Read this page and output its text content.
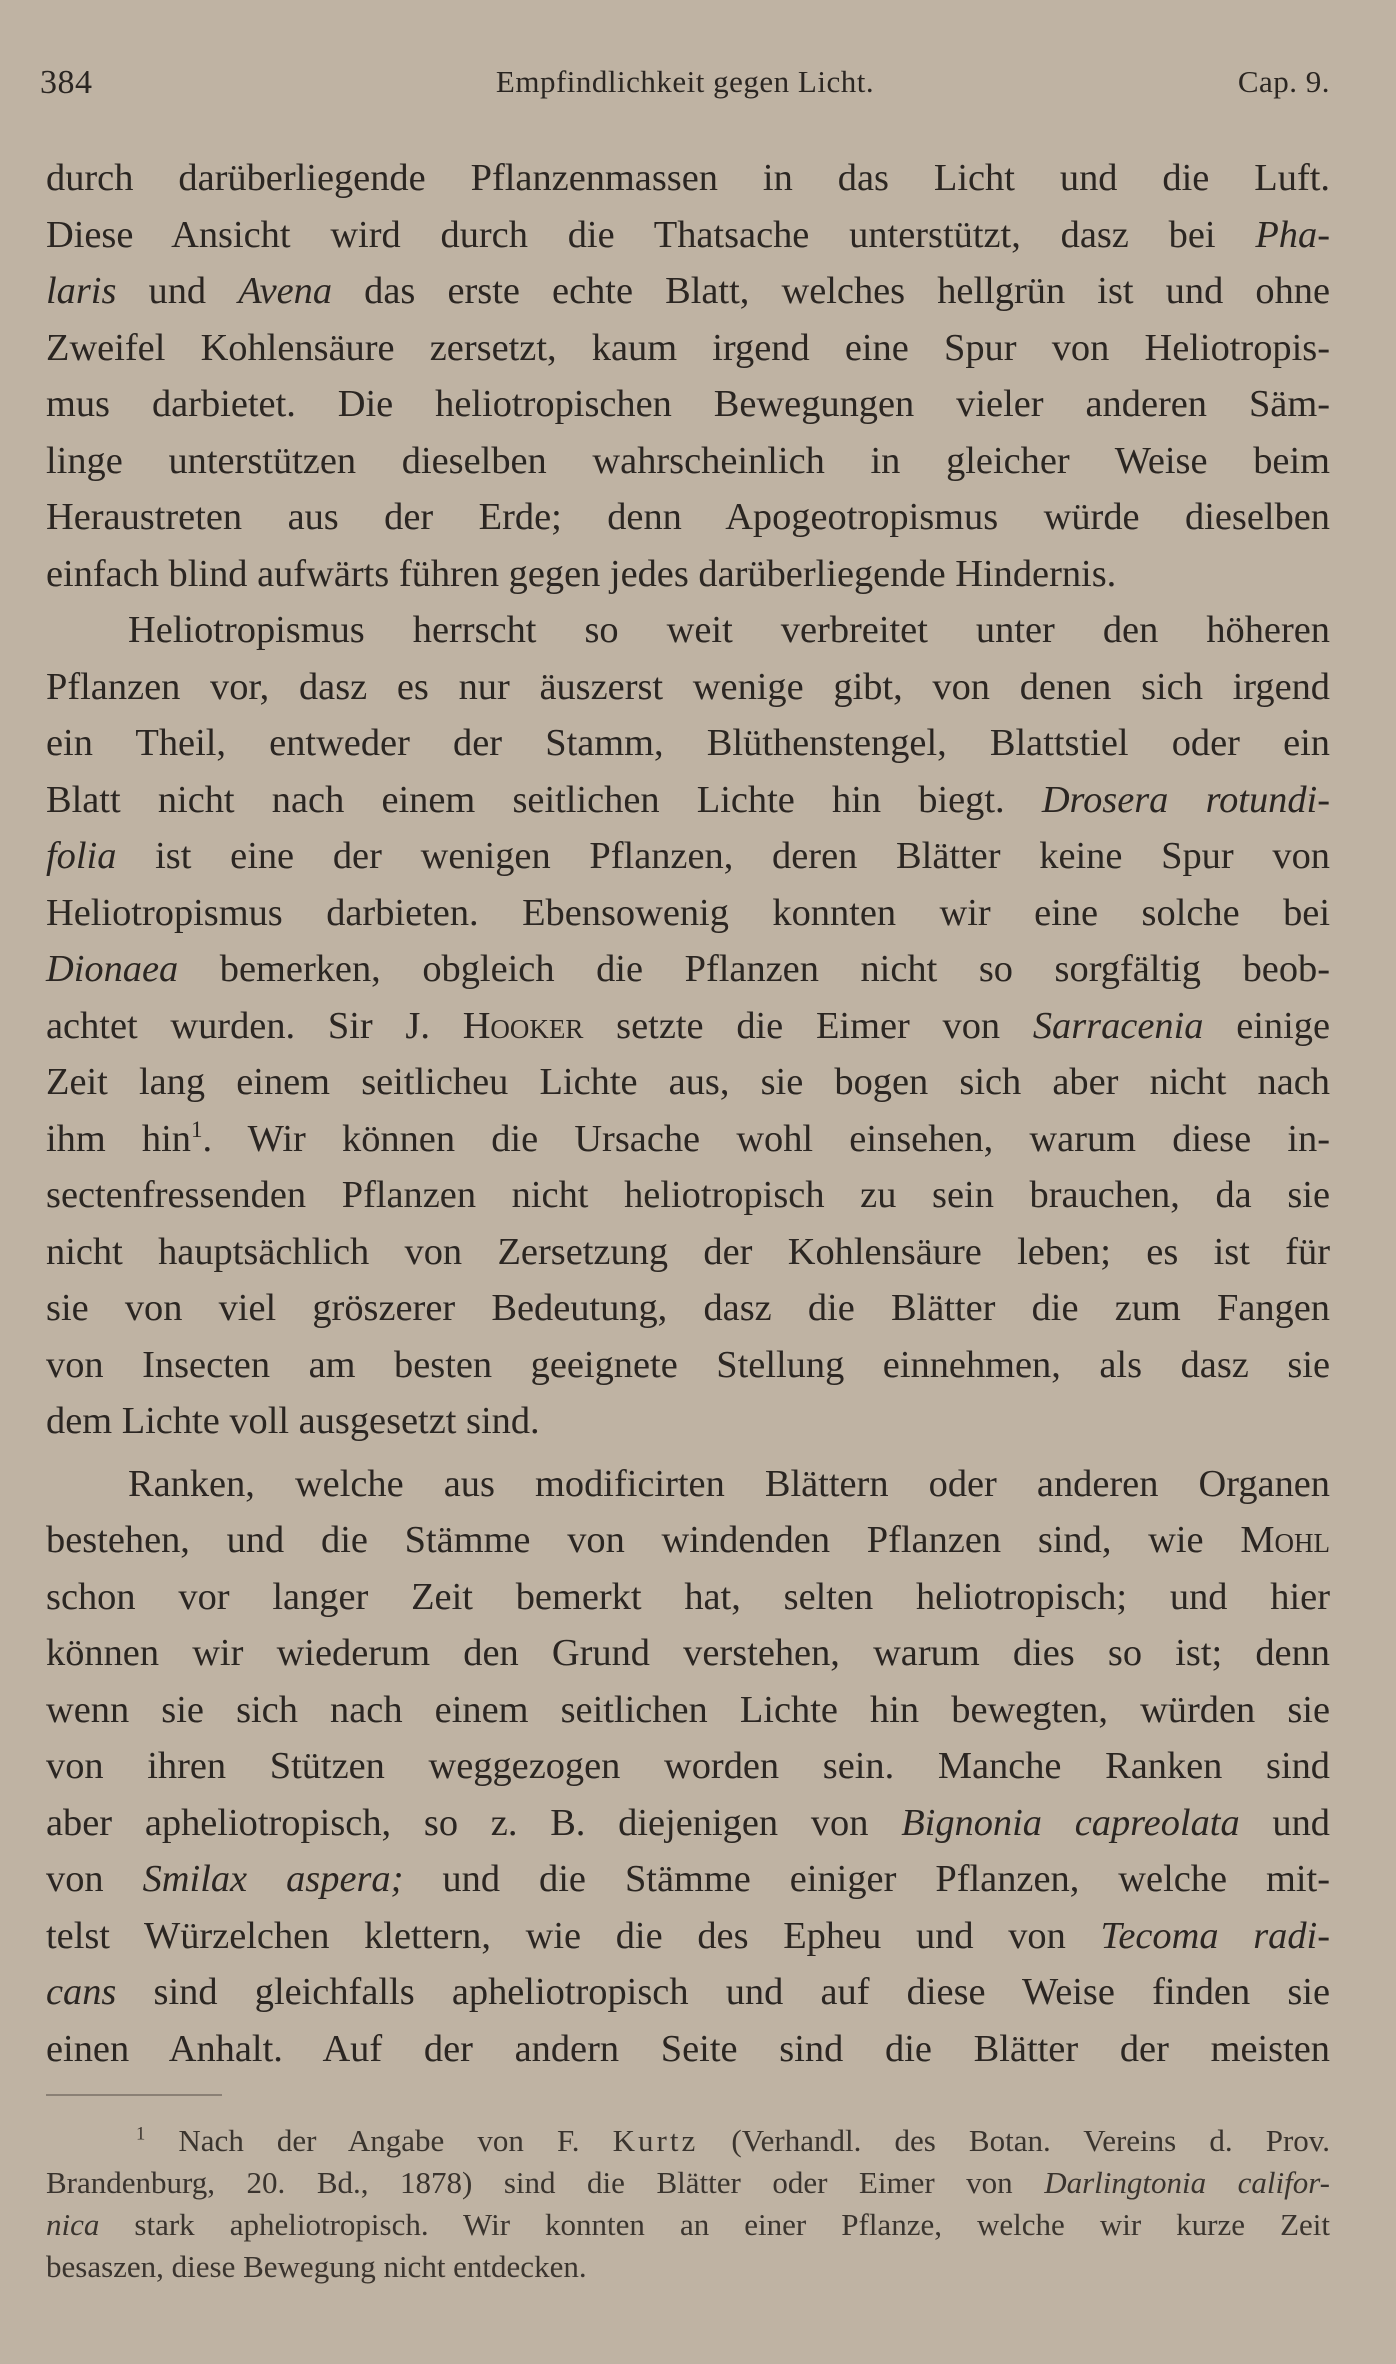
384	Empfindlichkeit gegen Licht.	Cap. 9.
durch darüberliegende Pflanzenmassen in das Licht und die Luft.
Diese Ansicht wird durch die Thatsache unterstützt, dasz bei Pha-
laris und Avena das erste echte Blatt, welches hellgrün ist und ohne
Zweifel Kohlensäure zersetzt, kaum irgend eine Spur von Heliotropis-
mus darbietet. Die heliotropischen Bewegungen vieler anderen Säm-
linge unterstützen dieselben wahrscheinlich in gleicher Weise beim
Heraustreten aus der Erde; denn Apogeotropismus würde dieselben
einfach blind aufwärts führen gegen jedes darüberliegende Hindernis.
Heliotropismus herrscht so weit verbreitet unter den höheren
Pflanzen vor, dasz es nur äuszerst wenige gibt, von denen sich irgend
ein Theil, entweder der Stamm, Blüthenstengel, Blattstiel oder ein
Blatt nicht nach einem seitlichen Lichte hin biegt. Drosera rotundi-
folia ist eine der wenigen Pflanzen, deren Blätter keine Spur von
Heliotropismus darbieten. Ebensowenig konnten wir eine solche bei
Dionaea bemerken, obgleich die Pflanzen nicht so sorgfältig beob-
achtet wurden. Sir J. Hooker setzte die Eimer von Sarracenia einige
Zeit lang einem seitlicheu Lichte aus, sie bogen sich aber nicht nach
ihm hin$^1$. Wir können die Ursache wohl einsehen, warum diese in-
sectenfressenden Pflanzen nicht heliotropisch zu sein brauchen, da sie
nicht hauptsächlich von Zersetzung der Kohlensäure leben; es ist für
sie von viel gröszerer Bedeutung, dasz die Blätter die zum Fangen
von Insecten am besten geeignete Stellung einnehmen, als dasz sie
dem Lichte voll ausgesetzt sind.
Ranken, welche aus modificirten Blättern oder anderen Organen
bestehen, und die Stämme von windenden Pflanzen sind, wie Mohl
schon vor langer Zeit bemerkt hat, selten heliotropisch; und hier
können wir wiederum den Grund verstehen, warum dies so ist; denn
wenn sie sich nach einem seitlichen Lichte hin bewegten, würden sie
von ihren Stützen weggezogen worden sein. Manche Ranken sind
aber apheliotropisch, so z. B. diejenigen von Bignonia capreolata und
von Smilax aspera; und die Stämme einiger Pflanzen, welche mit-
telst Würzelchen klettern, wie die des Epheu und von Tecoma radi-
cans sind gleichfalls apheliotropisch und auf diese Weise finden sie
einen Anhalt. Auf der andern Seite sind die Blätter der meisten
$^1$ Nach der Angabe von F. Kurtz (Verhandl. des Botan. Vereins d. Prov.
Brandenburg, 20. Bd., 1878) sind die Blätter oder Eimer von Darlingtonia califor-
nica stark apheliotropisch. Wir konnten an einer Pflanze, welche wir kurze Zeit
besaszen, diese Bewegung nicht entdecken.
